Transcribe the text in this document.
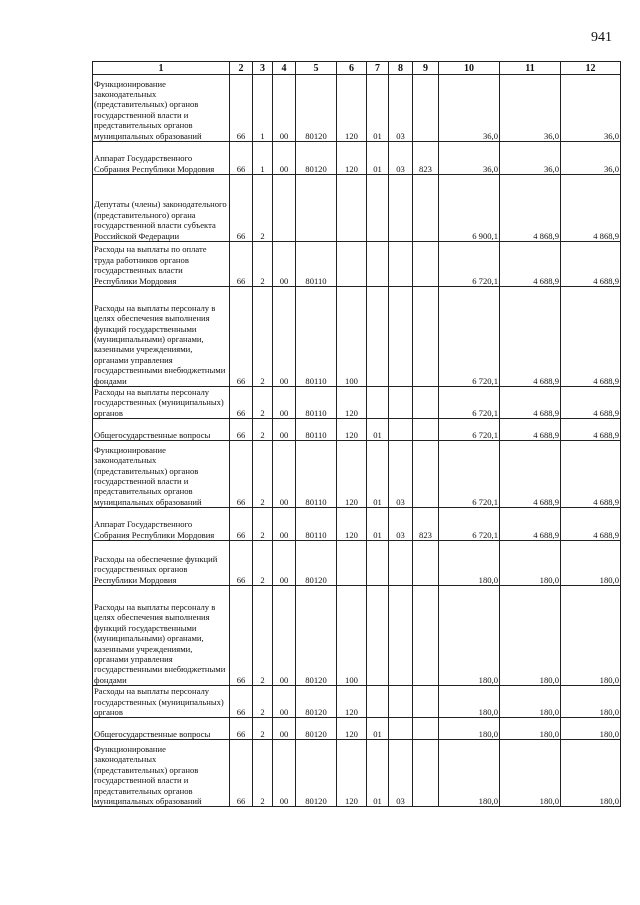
941
1	2	3	4	5	6	7	8	9	10	11	12
Функционирование законодательных (представительных) органов государственной власти и представительных органов муниципальных образований	66	1	00	80120	120	01	03		36,0	36,0	36,0
Аппарат Государственного Собрания Республики Мордовия	66	1	00	80120	120	01	03	823	36,0	36,0	36,0
Депутаты (члены) законодательного (представительного) органа государственной власти субъекта Российской Федерации	66	2							6 900,1	4 868,9	4 868,9
Расходы на выплаты по оплате труда работников органов государственных власти Республики Мордовия	66	2	00	80110					6 720,1	4 688,9	4 688,9
Расходы на выплаты персоналу в целях обеспечения выполнения функций государственными (муниципальными) органами, казенными учреждениями, органами управления государственными внебюджетными фондами	66	2	00	80110	100				6 720,1	4 688,9	4 688,9
Расходы на выплаты персоналу государственных (муниципальных) органов	66	2	00	80110	120				6 720,1	4 688,9	4 688,9
Общегосударственные вопросы	66	2	00	80110	120	01			6 720,1	4 688,9	4 688,9
Функционирование законодательных (представительных) органов государственной власти и представительных органов муниципальных образований	66	2	00	80110	120	01	03		6 720,1	4 688,9	4 688,9
Аппарат Государственного Собрания Республики Мордовия	66	2	00	80110	120	01	03	823	6 720,1	4 688,9	4 688,9
Расходы на обеспечение функций государственных органов Республики Мордовия	66	2	00	80120					180,0	180,0	180,0
Расходы на выплаты персоналу в целях обеспечения выполнения функций государственными (муниципальными) органами, казенными учреждениями, органами управления государственными внебюджетными фондами	66	2	00	80120	100				180,0	180,0	180,0
Расходы на выплаты персоналу государственных (муниципальных) органов	66	2	00	80120	120				180,0	180,0	180,0
Общегосударственные вопросы	66	2	00	80120	120	01			180,0	180,0	180,0
Функционирование законодательных (представительных) органов государственной власти и представительных органов муниципальных образований	66	2	00	80120	120	01	03		180,0	180,0	180,0
